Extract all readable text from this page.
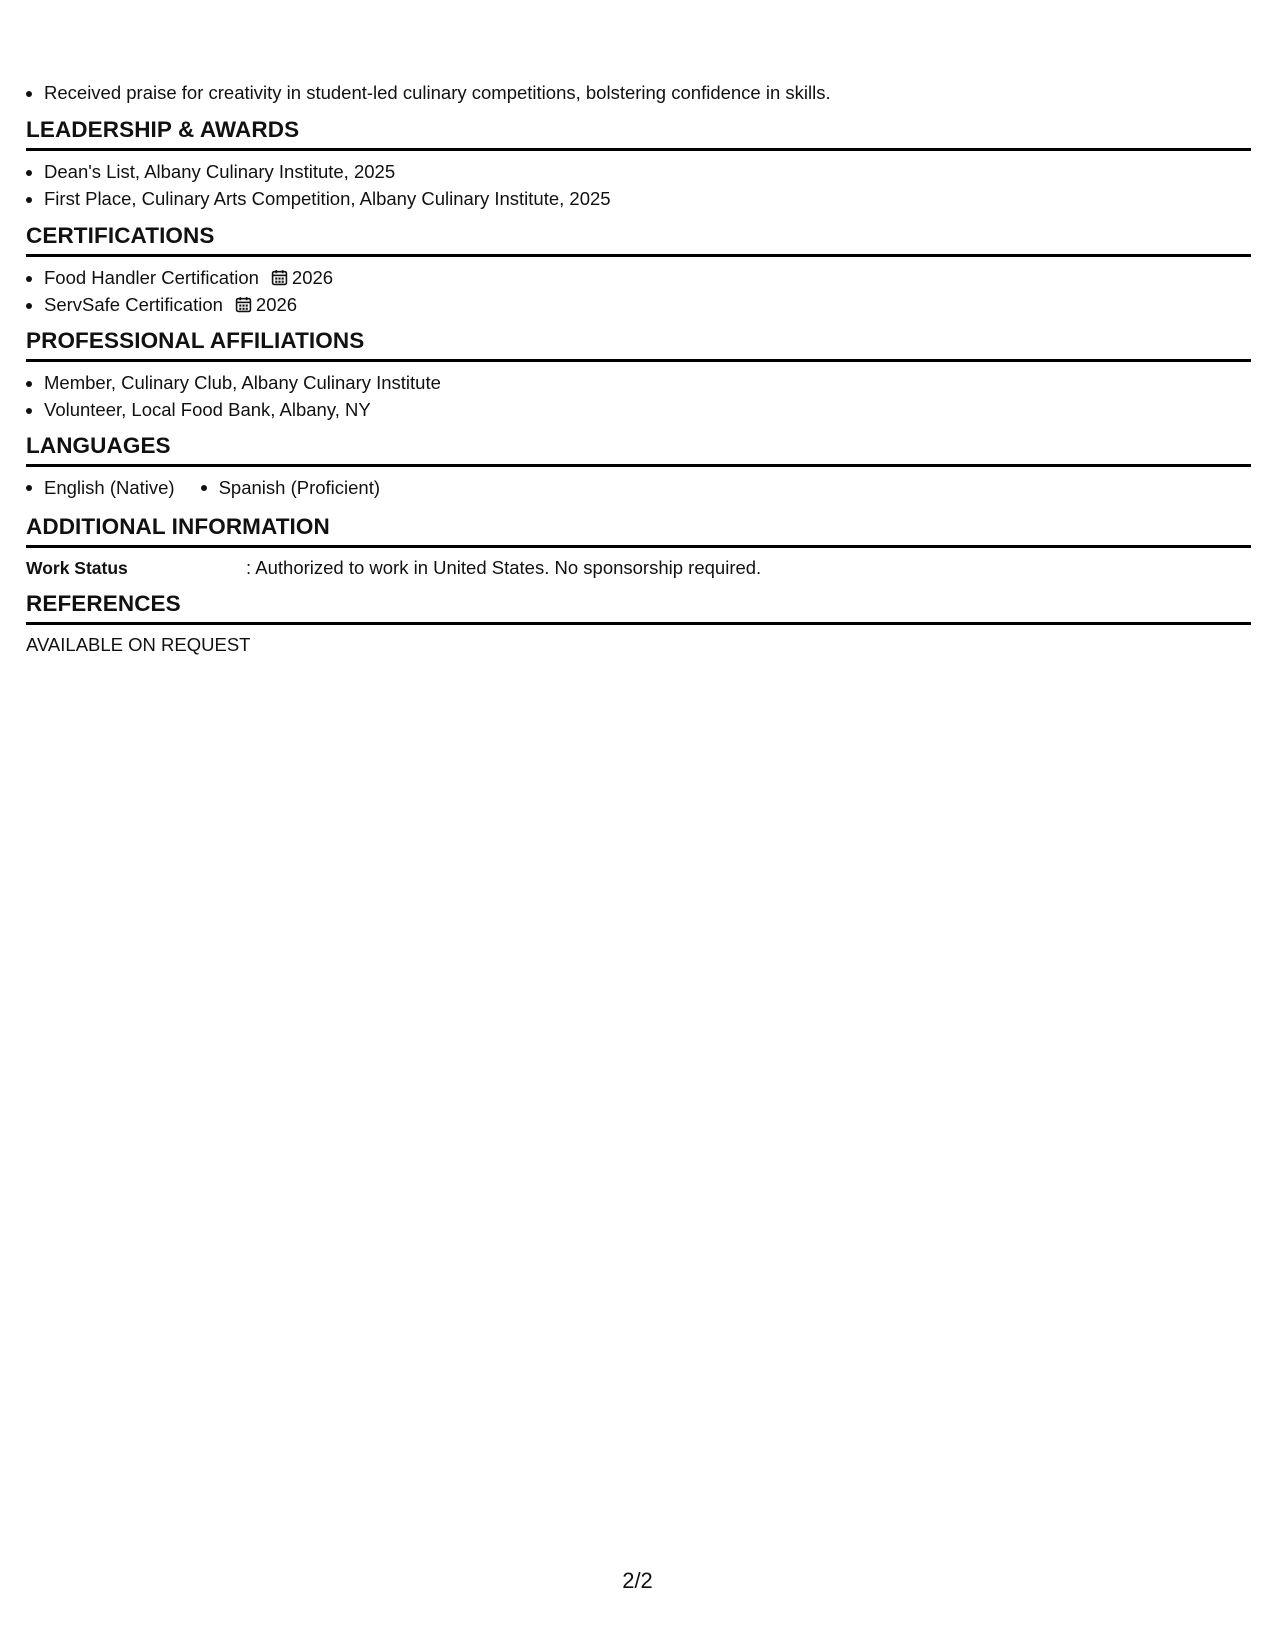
• Received praise for creativity in student-led culinary competitions, bolstering confidence in skills.
LEADERSHIP & AWARDS
• Dean's List, Albany Culinary Institute, 2025
• First Place, Culinary Arts Competition, Albany Culinary Institute, 2025
CERTIFICATIONS
• Food Handler Certification 2026
• ServSafe Certification 2026
PROFESSIONAL AFFILIATIONS
• Member, Culinary Club, Albany Culinary Institute
• Volunteer, Local Food Bank, Albany, NY
LANGUAGES
English (Native) Spanish (Proficient)
ADDITIONAL INFORMATION
Work Status	: Authorized to work in United States. No sponsorship required.
REFERENCES
AVAILABLE ON REQUEST
2/2
